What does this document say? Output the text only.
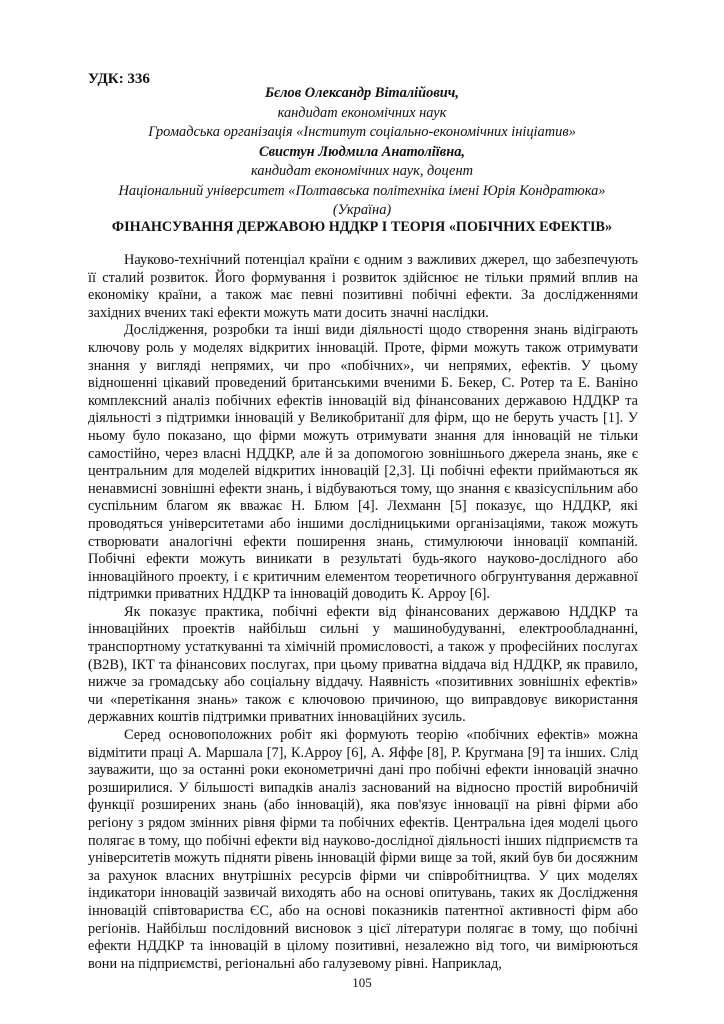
УДК: 336
Бєлов Олександр Віталійович,
кандидат економічних наук
Громадська організація «Інститут соціально-економічних ініціатив»
Свистун Людмила Анатоліївна,
кандидат економічних наук, доцент
Національний університет «Полтавська політехніка імені Юрія Кондратюка»
(Україна)
ФІНАНСУВАННЯ ДЕРЖАВОЮ НДДКР І ТЕОРІЯ «ПОБІЧНИХ ЕФЕКТІВ»

Науково-технічний потенціал країни є одним з важливих джерел, що забезпечують її сталий розвиток. Його формування і розвиток здійснює не тільки прямий вплив на економіку країни, а також має певні позитивні побічні ефекти. За дослідженнями західних вчених такі ефекти можуть мати досить значні наслідки.

Дослідження, розробки та інші види діяльності щодо створення знань відіграють ключову роль у моделях відкритих інновацій. Проте, фірми можуть також отримувати знання у вигляді непрямих, чи про «побічних», чи непрямих, ефектів. У цьому відношенні цікавий проведений британськими вченими Б. Бекер, С. Ротер та Е. Ваніно комплексний аналіз побічних ефектів інновацій від фінансованих державою НДДКР та діяльності з підтримки інновацій у Великобританії для фірм, що не беруть участь [1]. У ньому було показано, що фірми можуть отримувати знання для інновацій не тільки самостійно, через власні НДДКР, але й за допомогою зовнішнього джерела знань, яке є центральним для моделей відкритих інновацій [2,3]. Ці побічні ефекти приймаються як ненавмисні зовнішні ефекти знань, і відбуваються тому, що знання є квазісуспільним або суспільним благом як вважає Н. Блюм [4]. Лехманн [5] показує, що НДДКР, які проводяться університетами або іншими дослідницькими організаціями, також можуть створювати аналогічні ефекти поширення знань, стимулюючи інновації компаній. Побічні ефекти можуть виникати в результаті будь-якого науково-дослідного або інноваційного проекту, і є критичним елементом теоретичного обгрунтування державної підтримки приватних НДДКР та інновацій доводить К. Арроу [6].

Як показує практика, побічні ефекти від фінансованих державою НДДКР та інноваційних проектів найбільш сильні у машинобудуванні, електрообладнанні, транспортному устаткуванні та хімічній промисловості, а також у професійних послугах (B2B), ІКТ та фінансових послугах, при цьому приватна віддача від НДДКР, як правило, нижче за громадську або соціальну віддачу. Наявність «позитивних зовнішніх ефектів» чи «перетікання знань» також є ключовою причиною, що виправдовує використання державних коштів підтримки приватних інноваційних зусиль.

Серед основоположних робіт які формують теорію «побічних ефектів» можна відмітити праці А. Маршала [7], К.Арроу [6], А. Яффе [8], Р. Кругмана [9] та інших. Слід зауважити, що за останні роки економетричні дані про побічні ефекти інновацій значно розширилися. У більшості випадків аналіз заснований на відносно простій виробничій функції розширених знань (або інновацій), яка пов'язує інновації на рівні фірми або регіону з рядом змінних рівня фірми та побічних ефектів. Центральна ідея моделі цього полягає в тому, що побічні ефекти від науково-дослідної діяльності інших підприємств та університетів можуть підняти рівень інновацій фірми вище за той, який був би досяжним за рахунок власних внутрішніх ресурсів фірми чи співробітництва. У цих моделях індикатори інновацій зазвичай виходять або на основі опитувань, таких як Дослідження інновацій співтовариства ЄС, або на основі показників патентної активності фірм або регіонів. Найбільш послідовний висновок з цієї літератури полягає в тому, що побічні ефекти НДДКР та інновацій в цілому позитивні, незалежно від того, чи вимірюються вони на підприємстві, регіональні або галузевому рівні. Наприклад,

105
